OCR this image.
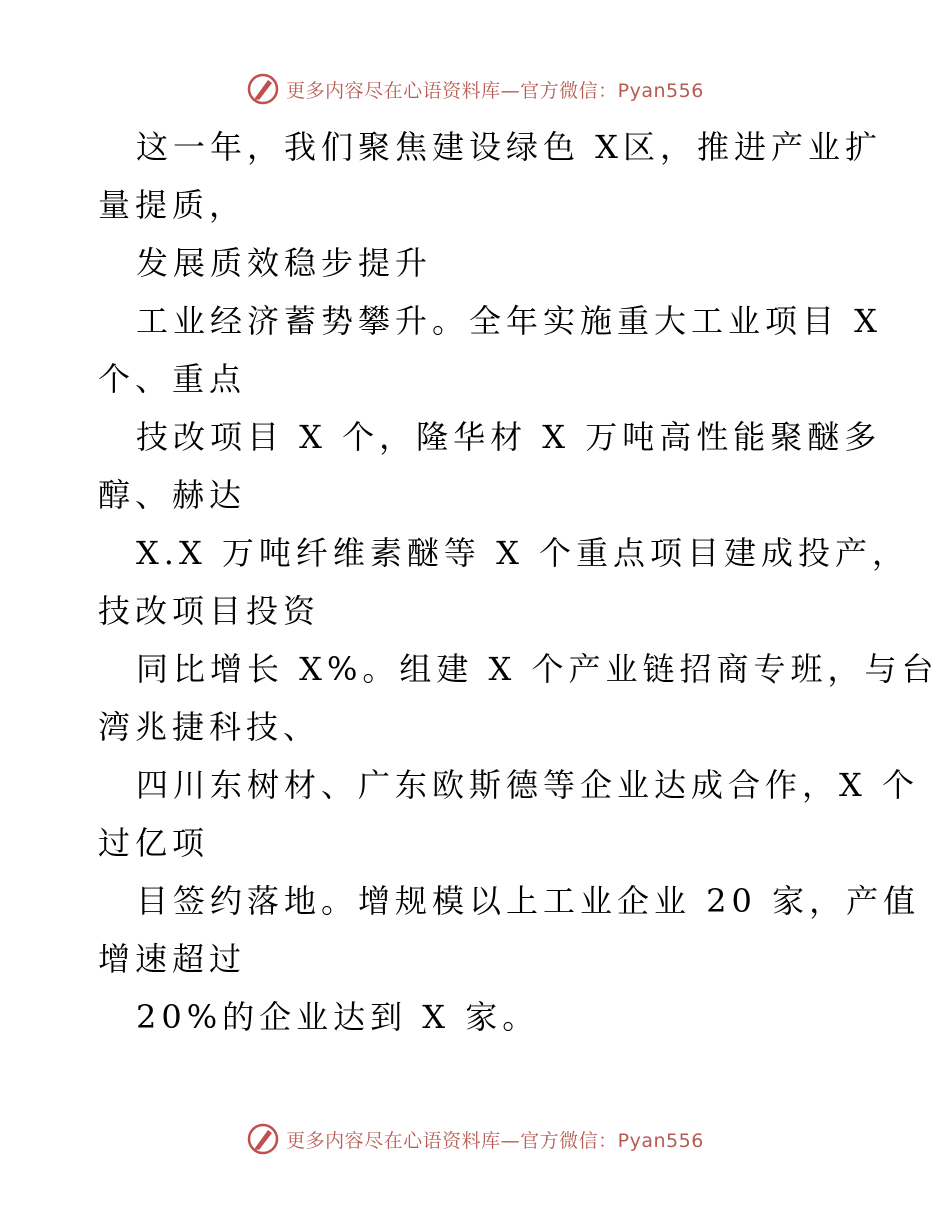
更多内容尽在心语资料库—官方微信：Pyan556
这一年，我们聚焦建设绿色 X区，推进产业扩
量提质，
发展质效稳步提升
工业经济蓄势攀升。全年实施重大工业项目 X
个、重点
技改项目 X 个，隆华材 X 万吨高性能聚醚多
醇、赫达
X.X 万吨纤维素醚等 X 个重点项目建成投产，
技改项目投资
同比增长 X%。组建 X 个产业链招商专班，与台
湾兆捷科技、
四川东树材、广东欧斯德等企业达成合作，X 个
过亿项
目签约落地。增规模以上工业企业 20 家，产值
增速超过
20%的企业达到 X 家。
更多内容尽在心语资料库—官方微信：Pyan556
